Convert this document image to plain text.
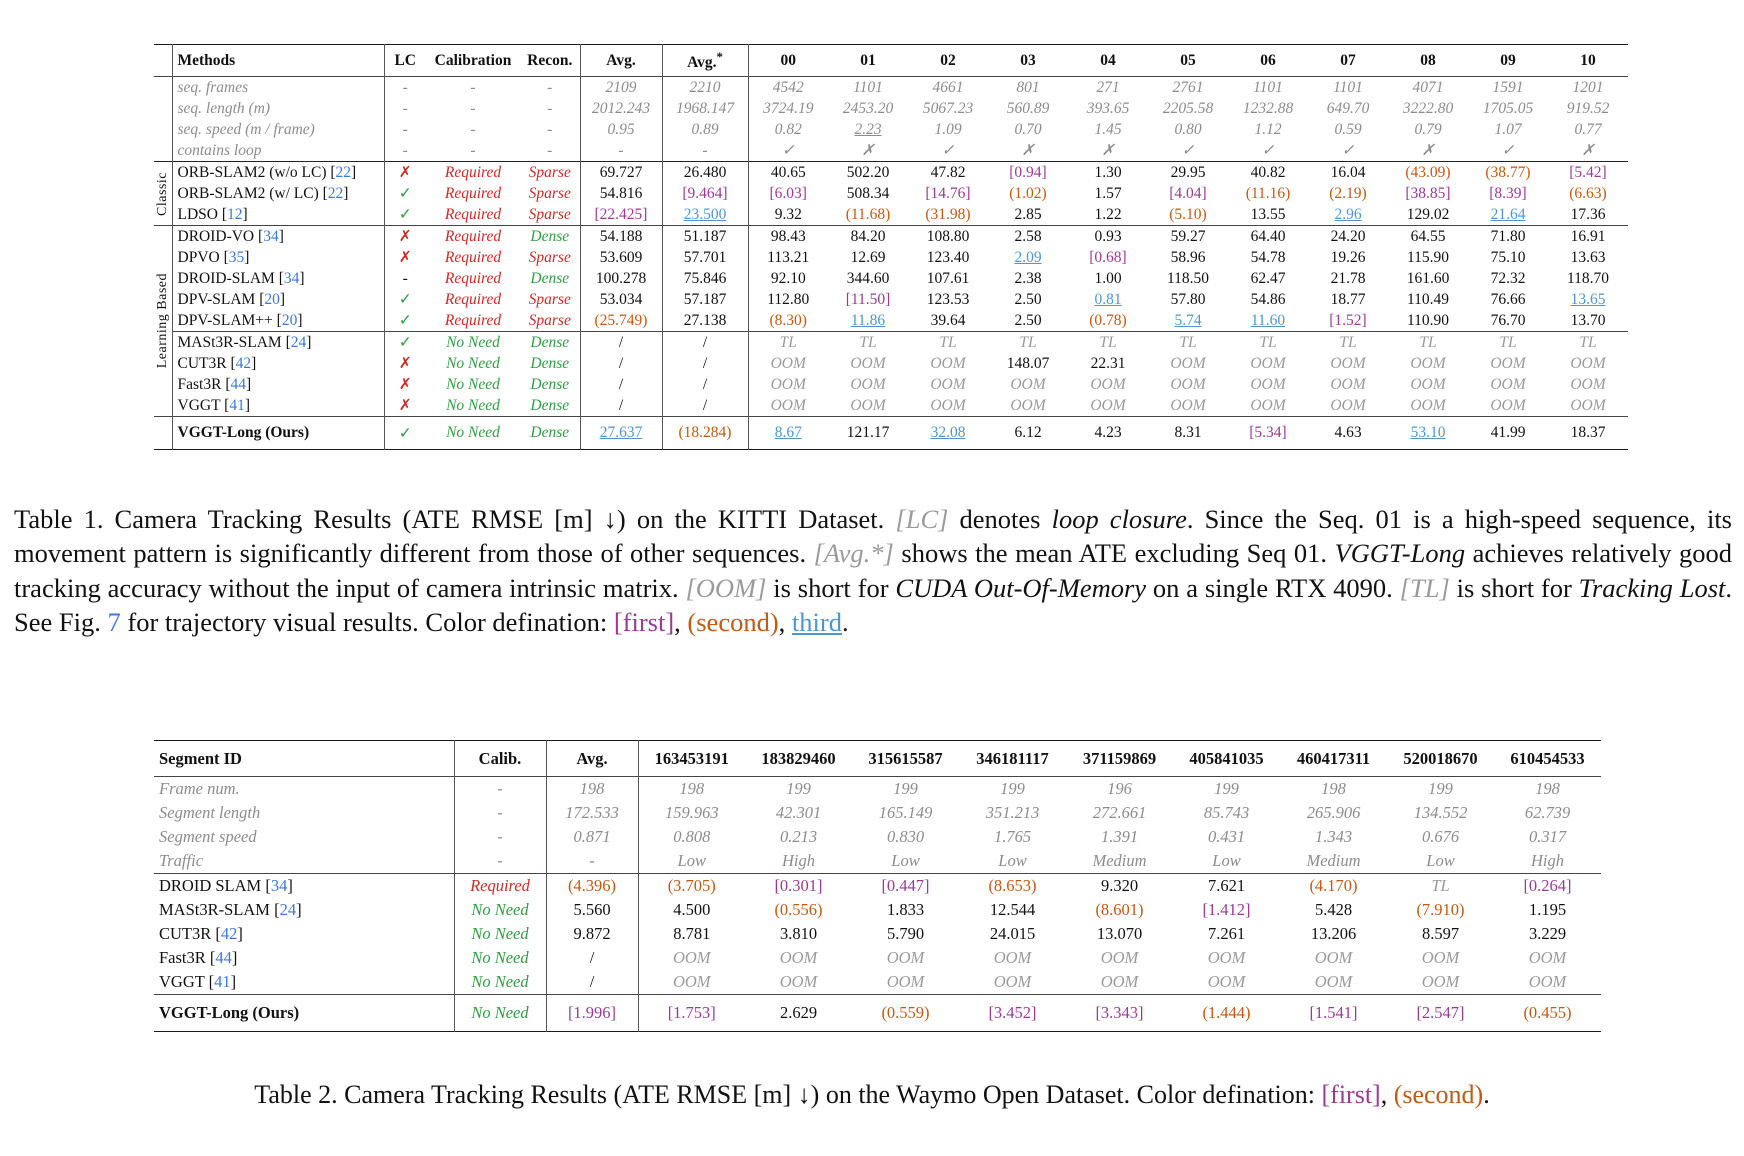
	Methods	LC	Calibration	Recon.	Avg.	Avg.*	00	01	02	03	04	05	06	07	08	09	10
	seq. frames	-	-	-	2109	2210	4542	1101	4661	801	271	2761	1101	1101	4071	1591	1201
	seq. length (m)	-	-	-	2012.243	1968.147	3724.19	2453.20	5067.23	560.89	393.65	2205.58	1232.88	649.70	3222.80	1705.05	919.52
	seq. speed (m / frame)	-	-	-	0.95	0.89	0.82	2.23	1.09	0.70	1.45	0.80	1.12	0.59	0.79	1.07	0.77
	contains loop	-	-	-	-	-	✓	✗	✓	✗	✗	✓	✓	✓	✗	✓	✗

Classic	ORB-SLAM2 (w/o LC) [22]	✗	Required	Sparse	69.727	26.480	40.65	502.20	47.82	[0.94]	1.30	29.95	40.82	16.04	(43.09)	(38.77)	[5.42]
	ORB-SLAM2 (w/ LC) [22]	✓	Required	Sparse	54.816	[9.464]	[6.03]	508.34	[14.76]	(1.02)	1.57	[4.04]	(11.16)	(2.19)	[38.85]	[8.39]	(6.63)
	LDSO [12]	✓	Required	Sparse	[22.425]	23.500	9.32	(11.68)	(31.98)	2.85	1.22	(5.10)	13.55	2.96	129.02	21.64	17.36

Learning Based	DROID-VO [34]	✗	Required	Dense	54.188	51.187	98.43	84.20	108.80	2.58	0.93	59.27	64.40	24.20	64.55	71.80	16.91
	DPVO [35]	✗	Required	Sparse	53.609	57.701	113.21	12.69	123.40	2.09	[0.68]	58.96	54.78	19.26	115.90	75.10	13.63
	DROID-SLAM [34]	-	Required	Dense	100.278	75.846	92.10	344.60	107.61	2.38	1.00	118.50	62.47	21.78	161.60	72.32	118.70
	DPV-SLAM [20]	✓	Required	Sparse	53.034	57.187	112.80	[11.50]	123.53	2.50	0.81	57.80	54.86	18.77	110.49	76.66	13.65
	DPV-SLAM++ [20]	✓	Required	Sparse	(25.749)	27.138	(8.30)	11.86	39.64	2.50	(0.78)	5.74	11.60	[1.52]	110.90	76.70	13.70
	MASt3R-SLAM [24]	✓	No Need	Dense	/	/	TL	TL	TL	TL	TL	TL	TL	TL	TL	TL	TL
	CUT3R [42]	✗	No Need	Dense	/	/	OOM	OOM	OOM	148.07	22.31	OOM	OOM	OOM	OOM	OOM	OOM
	Fast3R [44]	✗	No Need	Dense	/	/	OOM	OOM	OOM	OOM	OOM	OOM	OOM	OOM	OOM	OOM	OOM
	VGGT [41]	✗	No Need	Dense	/	/	OOM	OOM	OOM	OOM	OOM	OOM	OOM	OOM	OOM	OOM	OOM
	VGGT-Long (Ours)	✓	No Need	Dense	27.637	(18.284)	8.67	121.17	32.08	6.12	4.23	8.31	[5.34]	4.63	53.10	41.99	18.37
Table 1. Camera Tracking Results (ATE RMSE [m] ↓) on the KITTI Dataset. [LC] denotes loop closure. Since the Seq. 01 is a high-speed sequence, its movement pattern is significantly different from those of other sequences. [Avg.*] shows the mean ATE excluding Seq 01. VGGT-Long achieves relatively good tracking accuracy without the input of camera intrinsic matrix. [OOM] is short for CUDA Out-Of-Memory on a single RTX 4090. [TL] is short for Tracking Lost. See Fig. 7 for trajectory visual results. Color defination: [first], (second), third.
Segment ID	Calib.	Avg.	163453191	183829460	315615587	346181117	371159869	405841035	460417311	520018670	610454533
Frame num.	-	198	198	199	199	199	196	199	198	199	198
Segment length	-	172.533	159.963	42.301	165.149	351.213	272.661	85.743	265.906	134.552	62.739
Segment speed	-	0.871	0.808	0.213	0.830	1.765	1.391	0.431	1.343	0.676	0.317
Traffic	-	-	Low	High	Low	Low	Medium	Low	Medium	Low	High
DROID SLAM [34]	Required	(4.396)	(3.705)	[0.301]	[0.447]	(8.653)	9.320	7.621	(4.170)	TL	[0.264]
MASt3R-SLAM [24]	No Need	5.560	4.500	(0.556)	1.833	12.544	(8.601)	[1.412]	5.428	(7.910)	1.195
CUT3R [42]	No Need	9.872	8.781	3.810	5.790	24.015	13.070	7.261	13.206	8.597	3.229
Fast3R [44]	No Need	/	OOM	OOM	OOM	OOM	OOM	OOM	OOM	OOM	OOM
VGGT [41]	No Need	/	OOM	OOM	OOM	OOM	OOM	OOM	OOM	OOM	OOM
VGGT-Long (Ours)	No Need	[1.996]	[1.753]	2.629	(0.559)	[3.452]	[3.343]	(1.444)	[1.541]	[2.547]	(0.455)
Table 2. Camera Tracking Results (ATE RMSE [m] ↓) on the Waymo Open Dataset. Color defination: [first], (second).
